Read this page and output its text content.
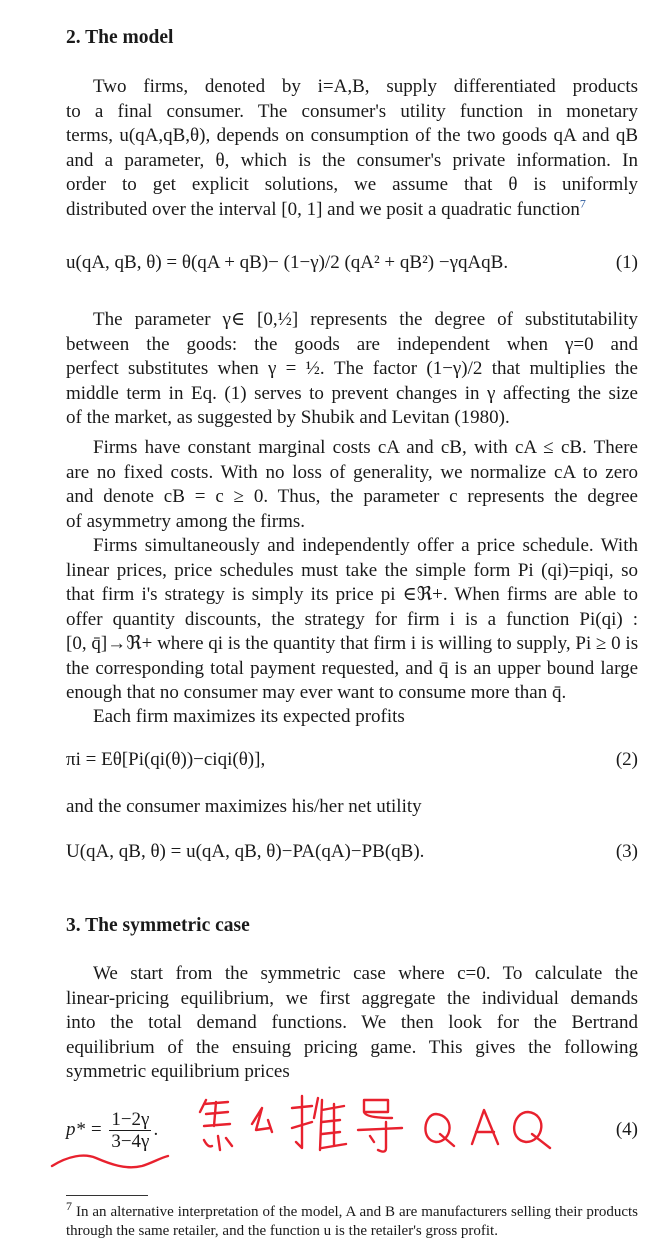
2. The model
Two firms, denoted by i=A,B, supply differentiated products
to a final consumer. The consumer's utility function in monetary
terms, u(qA,qB,θ), depends on consumption of the two goods qA and qB
and a parameter, θ, which is the consumer's private information. In
order to get explicit solutions, we assume that θ is uniformly
distributed over the interval [0, 1] and we posit a quadratic function$^7$
u(qA, qB, θ) = θ(qA + qB)− (1−γ)/2 (qA² + qB²) −γqAqB.	(1)
The parameter γ∈ [0,½] represents the degree of substitutability
between the goods: the goods are independent when γ=0 and
perfect substitutes when γ = ½. The factor (1−γ)/2 that multiplies the
middle term in Eq. (1) serves to prevent changes in γ affecting the size
of the market, as suggested by Shubik and Levitan (1980).
Firms have constant marginal costs cA and cB, with cA ≤ cB. There
are no fixed costs. With no loss of generality, we normalize cA to zero
and denote cB = c ≥ 0. Thus, the parameter c represents the degree
of asymmetry among the firms.
Firms simultaneously and independently offer a price schedule. With
linear prices, price schedules must take the simple form Pi (qi)=piqi, so
that firm i's strategy is simply its price pi ∈ℜ+. When firms are able to
offer quantity discounts, the strategy for firm i is a function Pi(qi) :
[0, q̄]→ℜ+ where qi is the quantity that firm i is willing to supply, Pi ≥ 0 is
the corresponding total payment requested, and q̄ is an upper bound large
enough that no consumer may ever want to consume more than q̄.
Each firm maximizes its expected profits
πi = Eθ[Pi(qi(θ))−ciqi(θ)],	(2)
and the consumer maximizes his/her net utility
U(qA, qB, θ) = u(qA, qB, θ)−PA(qA)−PB(qB).	(3)
3. The symmetric case
We start from the symmetric case where c=0. To calculate the
linear-pricing equilibrium, we first aggregate the individual demands
into the total demand functions. We then look for the Bertrand
equilibrium of the ensuing pricing game. This gives the following
symmetric equilibrium prices
$p* = \frac{1-2\gamma}{3-4\gamma}$ .	(4)
$^7$ In an alternative interpretation of the model, A and B are manufacturers selling their products through the same retailer, and the function u is the retailer's gross profit.
